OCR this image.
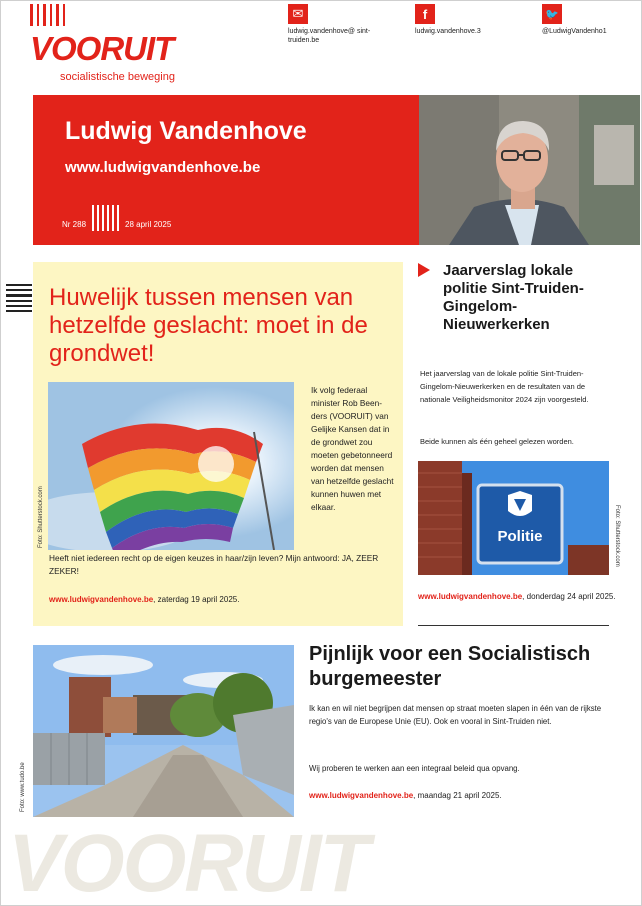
VOORUIT
socialistische beweging
✉
ludwig.vandenhove@ sint-truiden.be
f
ludwig.vandenhove.3
🐦
@LudwigVandenho1
Ludwig Vandenhove
www.ludwigvandenhove.be
Nr 288	28 april 2025
Huwelijk tussen mensen van hetzelfde geslacht: moet in de grondwet!
Ik volg federaal minister Rob Beenders (VOORUIT) van Gelijke Kansen dat in de grondwet zou moeten gebetonneerd worden dat mensen van hetzelfde geslacht kunnen huwen met elkaar.
Heeft niet iedereen recht op de eigen keuzes in haar/zijn leven? Mijn antwoord: JA, ZEER ZEKER!
www.ludwigvandenhove.be, zaterdag 19 april 2025.
Foto: Shutterstock.com
Jaarverslag lokale politie Sint-Truiden-Gingelom-Nieuwerkerken
Het jaarverslag van de lokale politie Sint-Truiden-Gingelom-Nieuwerkerken en de resultaten van de nationale Veiligheidsmonitor 2024 zijn voorgesteld.
Beide kunnen als één geheel gelezen worden.
Politie	Foto: Shutterstock.com
www.ludwigvandenhove.be, donderdag 24 april 2025.
Foto: www.tudo.be
Pijnlijk voor een Socialistisch burgemeester
Ik kan en wil niet begrijpen dat mensen op straat moeten slapen in één van de rijkste regio's van de Europese Unie (EU). Ook en vooral in Sint-Truiden niet.
Wij proberen te werken aan een integraal beleid qua opvang.
www.ludwigvandenhove.be, maandag 21 april 2025.
VOORUIT
